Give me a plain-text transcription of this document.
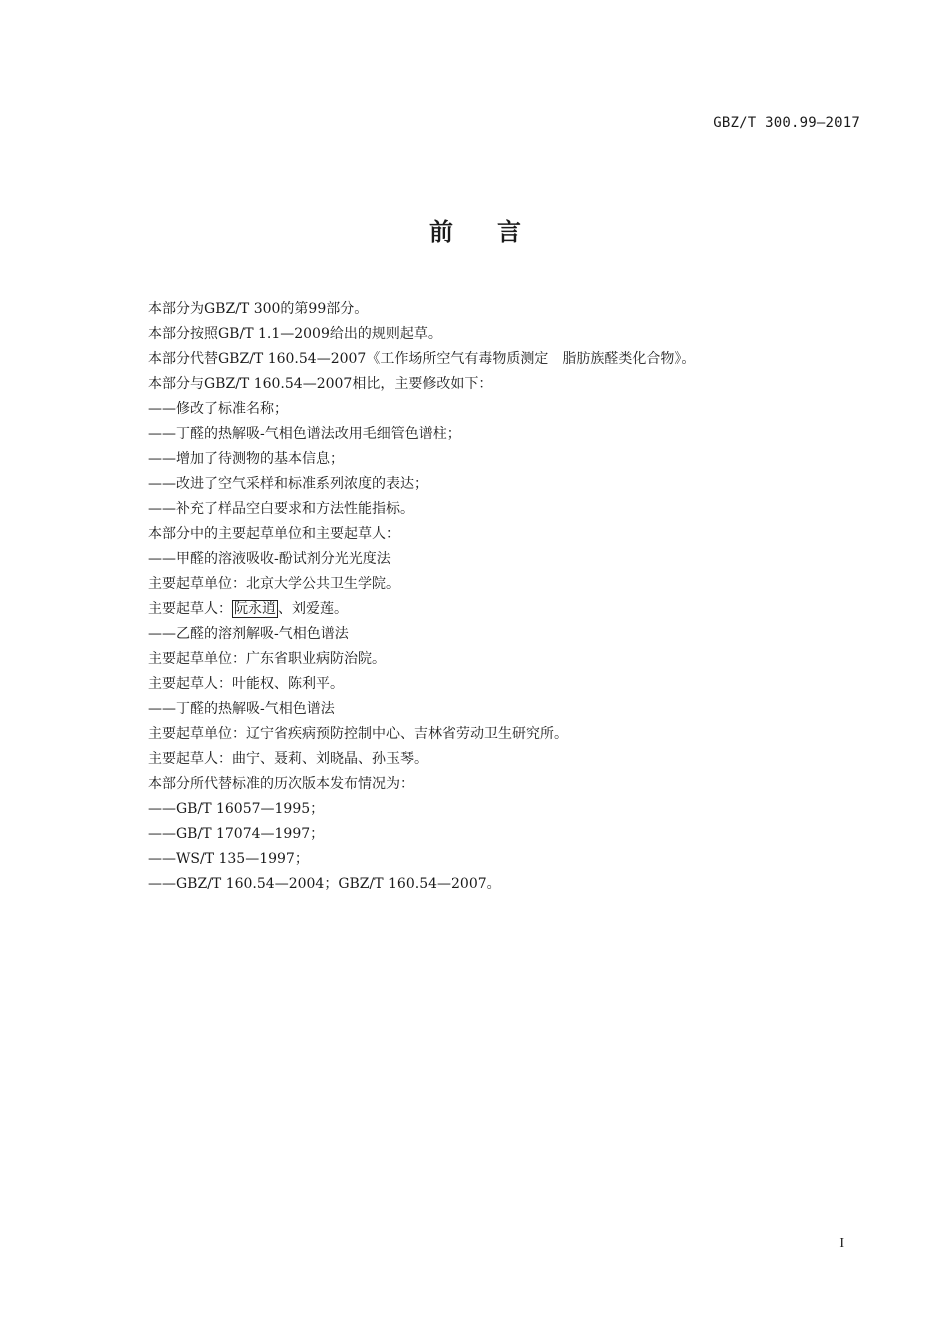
GBZ/T 300.99—2017
前言
本部分为GBZ/T 300的第99部分。
本部分按照GB/T 1.1—2009给出的规则起草。
本部分代替GBZ/T 160.54—2007《工作场所空气有毒物质测定　脂肪族醛类化合物》。
本部分与GBZ/T 160.54—2007相比，主要修改如下：
——修改了标准名称；
——丁醛的热解吸-气相色谱法改用毛细管色谱柱；
——增加了待测物的基本信息；
——改进了空气采样和标准系列浓度的表达；
——补充了样品空白要求和方法性能指标。
本部分中的主要起草单位和主要起草人：
——甲醛的溶液吸收-酚试剂分光光度法
主要起草单位：北京大学公共卫生学院。
主要起草人： 阮永逍 、刘爱莲。
——乙醛的溶剂解吸-气相色谱法
主要起草单位：广东省职业病防治院。
主要起草人：叶能权、陈利平。
——丁醛的热解吸-气相色谱法
主要起草单位：辽宁省疾病预防控制中心、吉林省劳动卫生研究所。
主要起草人：曲宁、聂莉、刘晓晶、孙玉琴。
本部分所代替标准的历次版本发布情况为：
——GB/T 16057—1995；
——GB/T 17074—1997；
——WS/T 135—1997；
——GBZ/T 160.54—2004；GBZ/T 160.54—2007。
I
